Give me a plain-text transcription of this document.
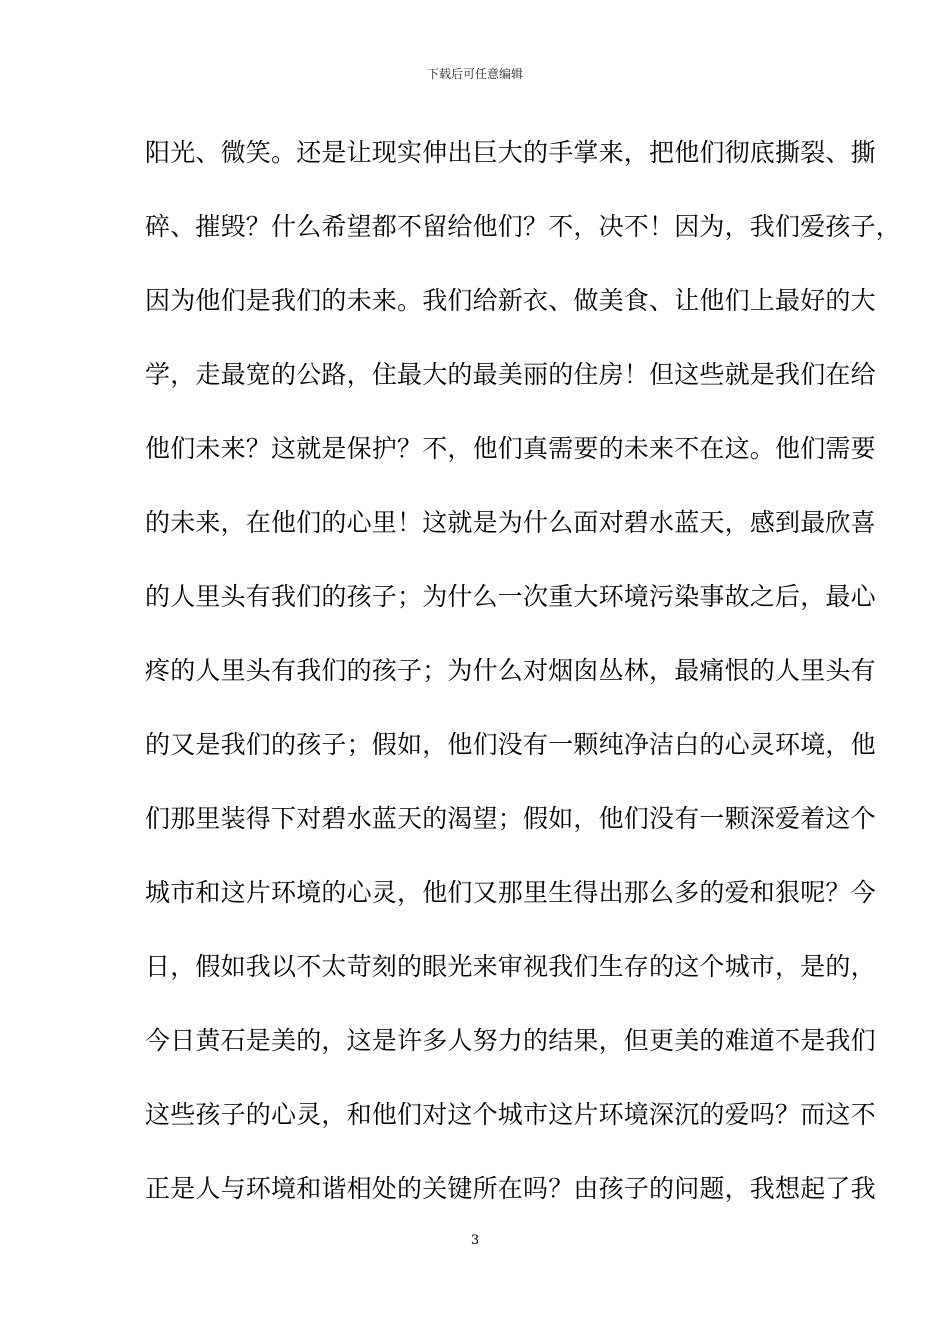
下载后可任意编辑
阳光、微笑。还是让现实伸出巨大的手掌来，把他们彻底撕裂、撕
碎、摧毁？什么希望都不留给他们？不，决不！因为，我们爱孩子，
因为他们是我们的未来。我们给新衣、做美食、让他们上最好的大
学，走最宽的公路，住最大的最美丽的住房！但这些就是我们在给
他们未来？这就是保护？不，他们真需要的未来不在这。他们需要
的未来，在他们的心里！这就是为什么面对碧水蓝天，感到最欣喜
的人里头有我们的孩子；为什么一次重大环境污染事故之后，最心
疼的人里头有我们的孩子；为什么对烟囱丛林，最痛恨的人里头有
的又是我们的孩子；假如，他们没有一颗纯净洁白的心灵环境，他
们那里装得下对碧水蓝天的渴望；假如，他们没有一颗深爱着这个
城市和这片环境的心灵，他们又那里生得出那么多的爱和狠呢？今
日，假如我以不太苛刻的眼光来审视我们生存的这个城市，是的，
今日黄石是美的，这是许多人努力的结果，但更美的难道不是我们
这些孩子的心灵，和他们对这个城市这片环境深沉的爱吗？而这不
正是人与环境和谐相处的关键所在吗？由孩子的问题，我想起了我
3
